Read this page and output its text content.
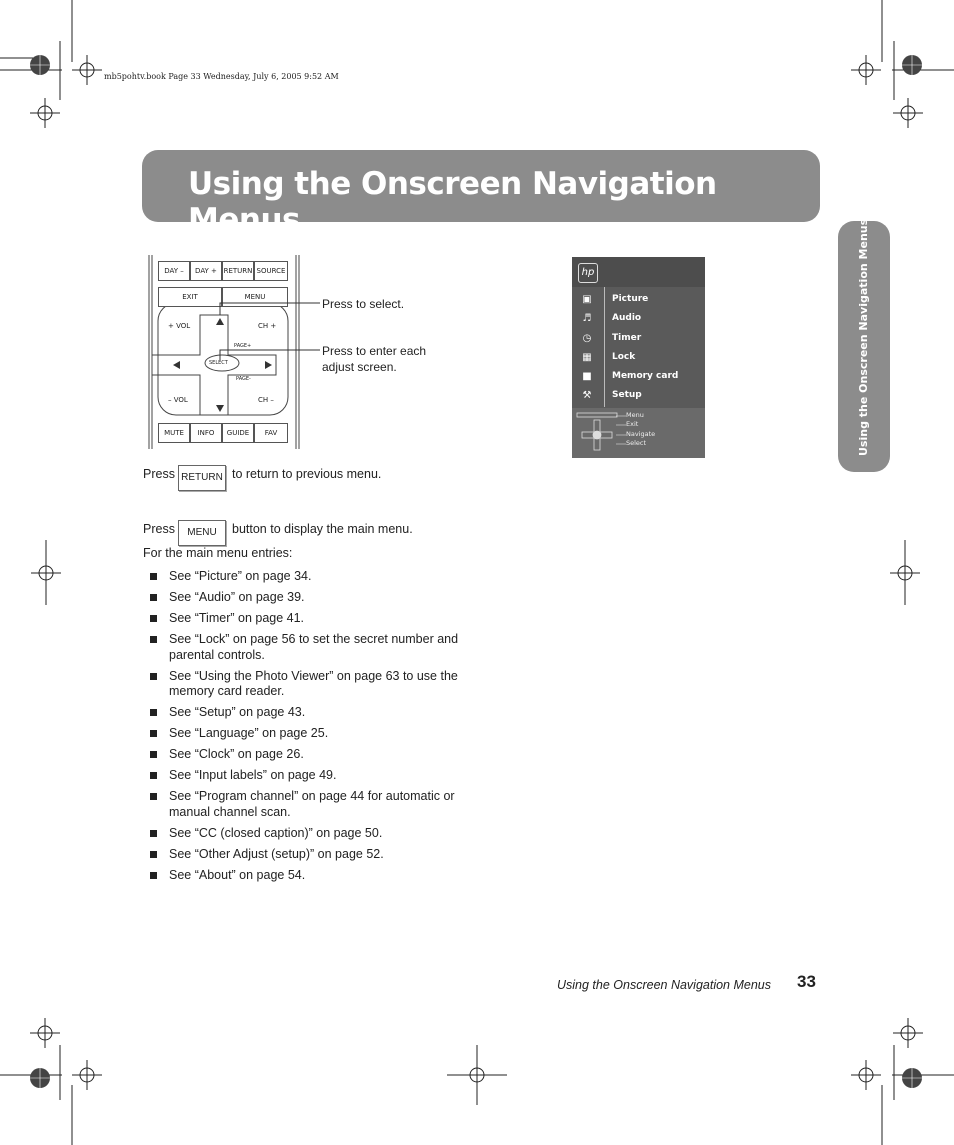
mb5pohtv.book Page 33 Wednesday, July 6, 2005 9:52 AM
Using the Onscreen Navigation Menus	Using the Onscreen Navigation Menus
DAY –	DAY + RETURN SOURCE
EXIT	MENU
+ VOL	CH +
PAGE+
SELECT
PAGE-
– VOL	CH –
MUTE	INFO	GUIDE	FAV
Press to select.
Press to enter each
adjust screen.
hp
▣ Picture
♬ Audio
◷ Timer
▦ Lock
■ Memory card
⚒ Setup
Menu
Exit
Navigate
Select
Press RETURN to return to previous menu.
Press	MENU	button to display the main menu.
For the main menu entries:
See “Picture” on page 34.
See “Audio” on page 39.
See “Timer” on page 41.
See “Lock” on page 56 to set the secret number and parental controls.
See “Using the Photo Viewer” on page 63 to use the memory card reader.
See “Setup” on page 43.
See “Language” on page 25.
See “Clock” on page 26.
See “Input labels” on page 49.
See “Program channel” on page 44 for automatic or manual channel scan.
See “CC (closed caption)” on page 50.
See “Other Adjust (setup)” on page 52.
See “About” on page 54.
Using the Onscreen Navigation Menus 33
